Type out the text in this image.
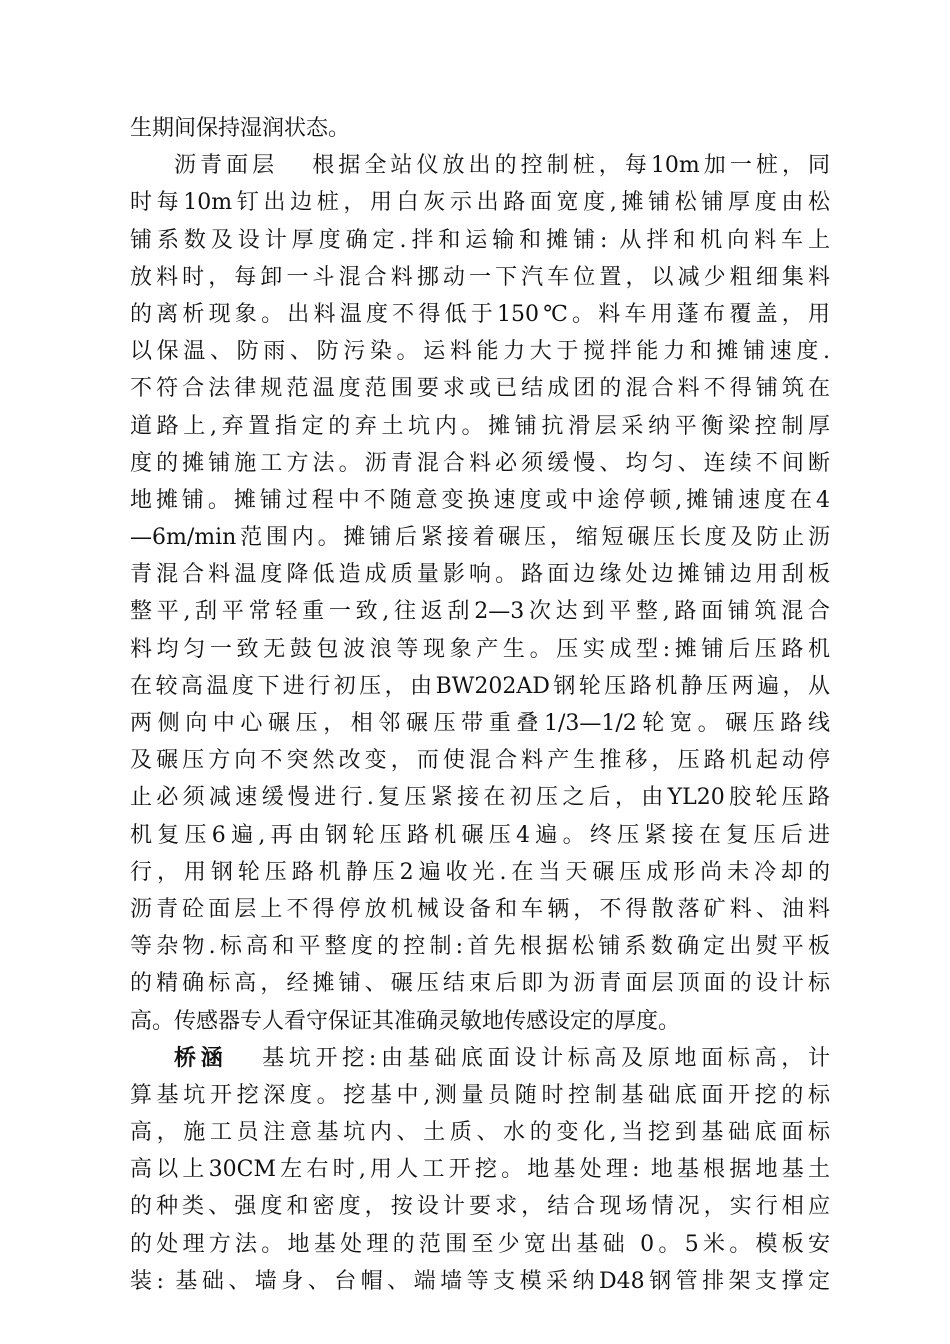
生期间保持湿润状态。
沥青面层 根据全站仪放出的控制桩，每10m加一桩，同
时每10m钉出边桩，用白灰示出路面宽度,摊铺松铺厚度由松
铺系数及设计厚度确定.拌和运输和摊铺: 从拌和机向料车上
放料时，每卸一斗混合料挪动一下汽车位置，以减少粗细集料
的离析现象。出料温度不得低于150℃。料车用蓬布覆盖，用
以保温、防雨、防污染。运料能力大于搅拌能力和摊铺速度.
不符合法律规范温度范围要求或已结成团的混合料不得铺筑在
道路上,弃置指定的弃土坑内。摊铺抗滑层采纳平衡梁控制厚
度的摊铺施工方法。沥青混合料必须缓慢、均匀、连续不间断
地摊铺。摊铺过程中不随意变换速度或中途停顿,摊铺速度在4
—6m/min范围内。摊铺后紧接着碾压，缩短碾压长度及防止沥
青混合料温度降低造成质量影响。路面边缘处边摊铺边用刮板
整平,刮平常轻重一致,往返刮2—3次达到平整,路面铺筑混合
料均匀一致无鼓包波浪等现象产生。压实成型:摊铺后压路机
在较高温度下进行初压，由BW202AD钢轮压路机静压两遍，从
两侧向中心碾压，相邻碾压带重叠1/3—1/2轮宽。碾压路线
及碾压方向不突然改变，而使混合料产生推移，压路机起动停
止必须减速缓慢进行.复压紧接在初压之后，由YL20胶轮压路
机复压6遍,再由钢轮压路机碾压4遍。终压紧接在复压后进
行，用钢轮压路机静压2遍收光.在当天碾压成形尚未冷却的
沥青砼面层上不得停放机械设备和车辆，不得散落矿料、油料
等杂物.标高和平整度的控制:首先根据松铺系数确定出熨平板
的精确标高，经摊铺、碾压结束后即为沥青面层顶面的设计标
高。传感器专人看守保证其准确灵敏地传感设定的厚度。
桥涵 基坑开挖:由基础底面设计标高及原地面标高，计
算基坑开挖深度。挖基中,测量员随时控制基础底面开挖的标
高，施工员注意基坑内、土质、水的变化,当挖到基础底面标
高以上30CM左右时,用人工开挖。地基处理: 地基根据地基土
的种类、强度和密度，按设计要求，结合现场情况，实行相应
的处理方法。地基处理的范围至少宽出基础 0。5米。模板安
装: 基础、墙身、台帽、端墙等支模采纳D48钢管排架支撑定
